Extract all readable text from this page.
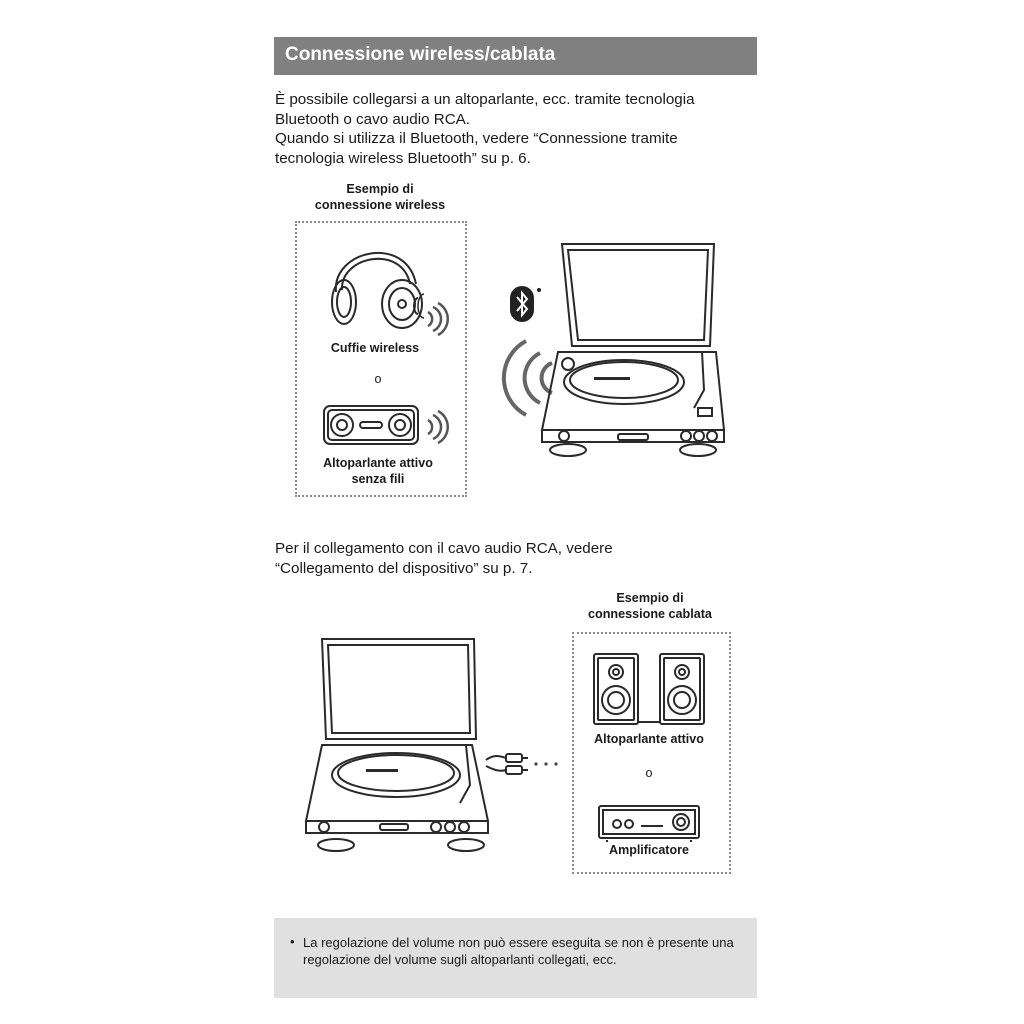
Connessione wireless/cablata
È possibile collegarsi a un altoparlante, ecc. tramite tecnologia
Bluetooth o cavo audio RCA.
Quando si utilizza il Bluetooth, vedere “Connessione tramite
tecnologia wireless Bluetooth” su p. 6.
Esempio di
connessione wireless
Cuffie wireless
o
Altoparlante attivo
senza fili
Per il collegamento con il cavo audio RCA, vedere
“Collegamento del dispositivo” su p. 7.
Esempio di
connessione cablata
Altoparlante attivo
o
Amplificatore
• La regolazione del volume non può essere eseguita se non è presente una regolazione del volume sugli altoparlanti collegati, ecc.
